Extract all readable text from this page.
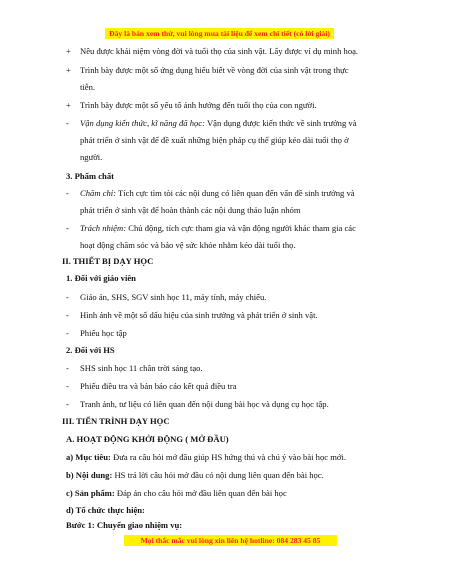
Đây là bản xem thử, vui lòng mua tài liệu để xem chi tiết (có lời giải)
+ Nêu được khái niệm vòng đời và tuổi thọ của sinh vật. Lấy được ví dụ minh hoạ.
+ Trình bày được một số ứng dụng hiểu biết về vòng đời của sinh vật trong thực
tiễn.
+ Trình bày được một số yếu tố ảnh hưởng đến tuổi thọ của con người.
- Vận dụng kiến thức, kĩ năng đã học: Vận dụng được kiến thức về sinh trưởng và
phát triển ở sinh vật để đề xuất những biện pháp cụ thể giúp kéo dài tuổi thọ ở
người.
3. Phẩm chất
- Chăm chỉ: Tích cực tìm tòi các nội dung có liên quan đến vấn đề sinh trưởng và
phát triển ở sinh vật để hoàn thành các nội dung thảo luận nhóm
- Trách nhiệm: Chủ động, tích cực tham gia và vận động người khác tham gia các
hoạt động chăm sóc và bảo vệ sức khỏe nhằm kéo dài tuổi thọ.
II. THIẾT BỊ DẠY HỌC
1. Đối với giáo viên
- Giáo án, SHS, SGV sinh học 11, máy tính, máy chiếu.
- Hình ảnh về một số dấu hiệu của sinh trưởng và phát triển ở sinh vật.
- Phiếu học tập
2. Đối với HS
- SHS sinh học 11 chân trời sáng tạo.
- Phiếu điều tra và bản báo cáo kết quả điều tra
- Tranh ảnh, tư liệu có liên quan đến nội dung bài học và dụng cụ học tập.
III. TIẾN TRÌNH DẠY HỌC
A. HOẠT ĐỘNG KHỞI ĐỘNG ( MỞ ĐẦU)
a) Mục tiêu: Đưa ra câu hỏi mở đầu giúp HS hứng thú và chú ý vào bài học mới.
b) Nội dung: HS trả lời câu hỏi mở đầu có nội dung liên quan đến bài học.
c) Sản phẩm: Đáp án cho câu hỏi mở đầu liên quan đến bài học
d) Tổ chức thực hiện:
Bước 1: Chuyển giao nhiệm vụ:
Mọi thắc mắc vui lòng xin liên hệ hotline: 084 283 45 85
